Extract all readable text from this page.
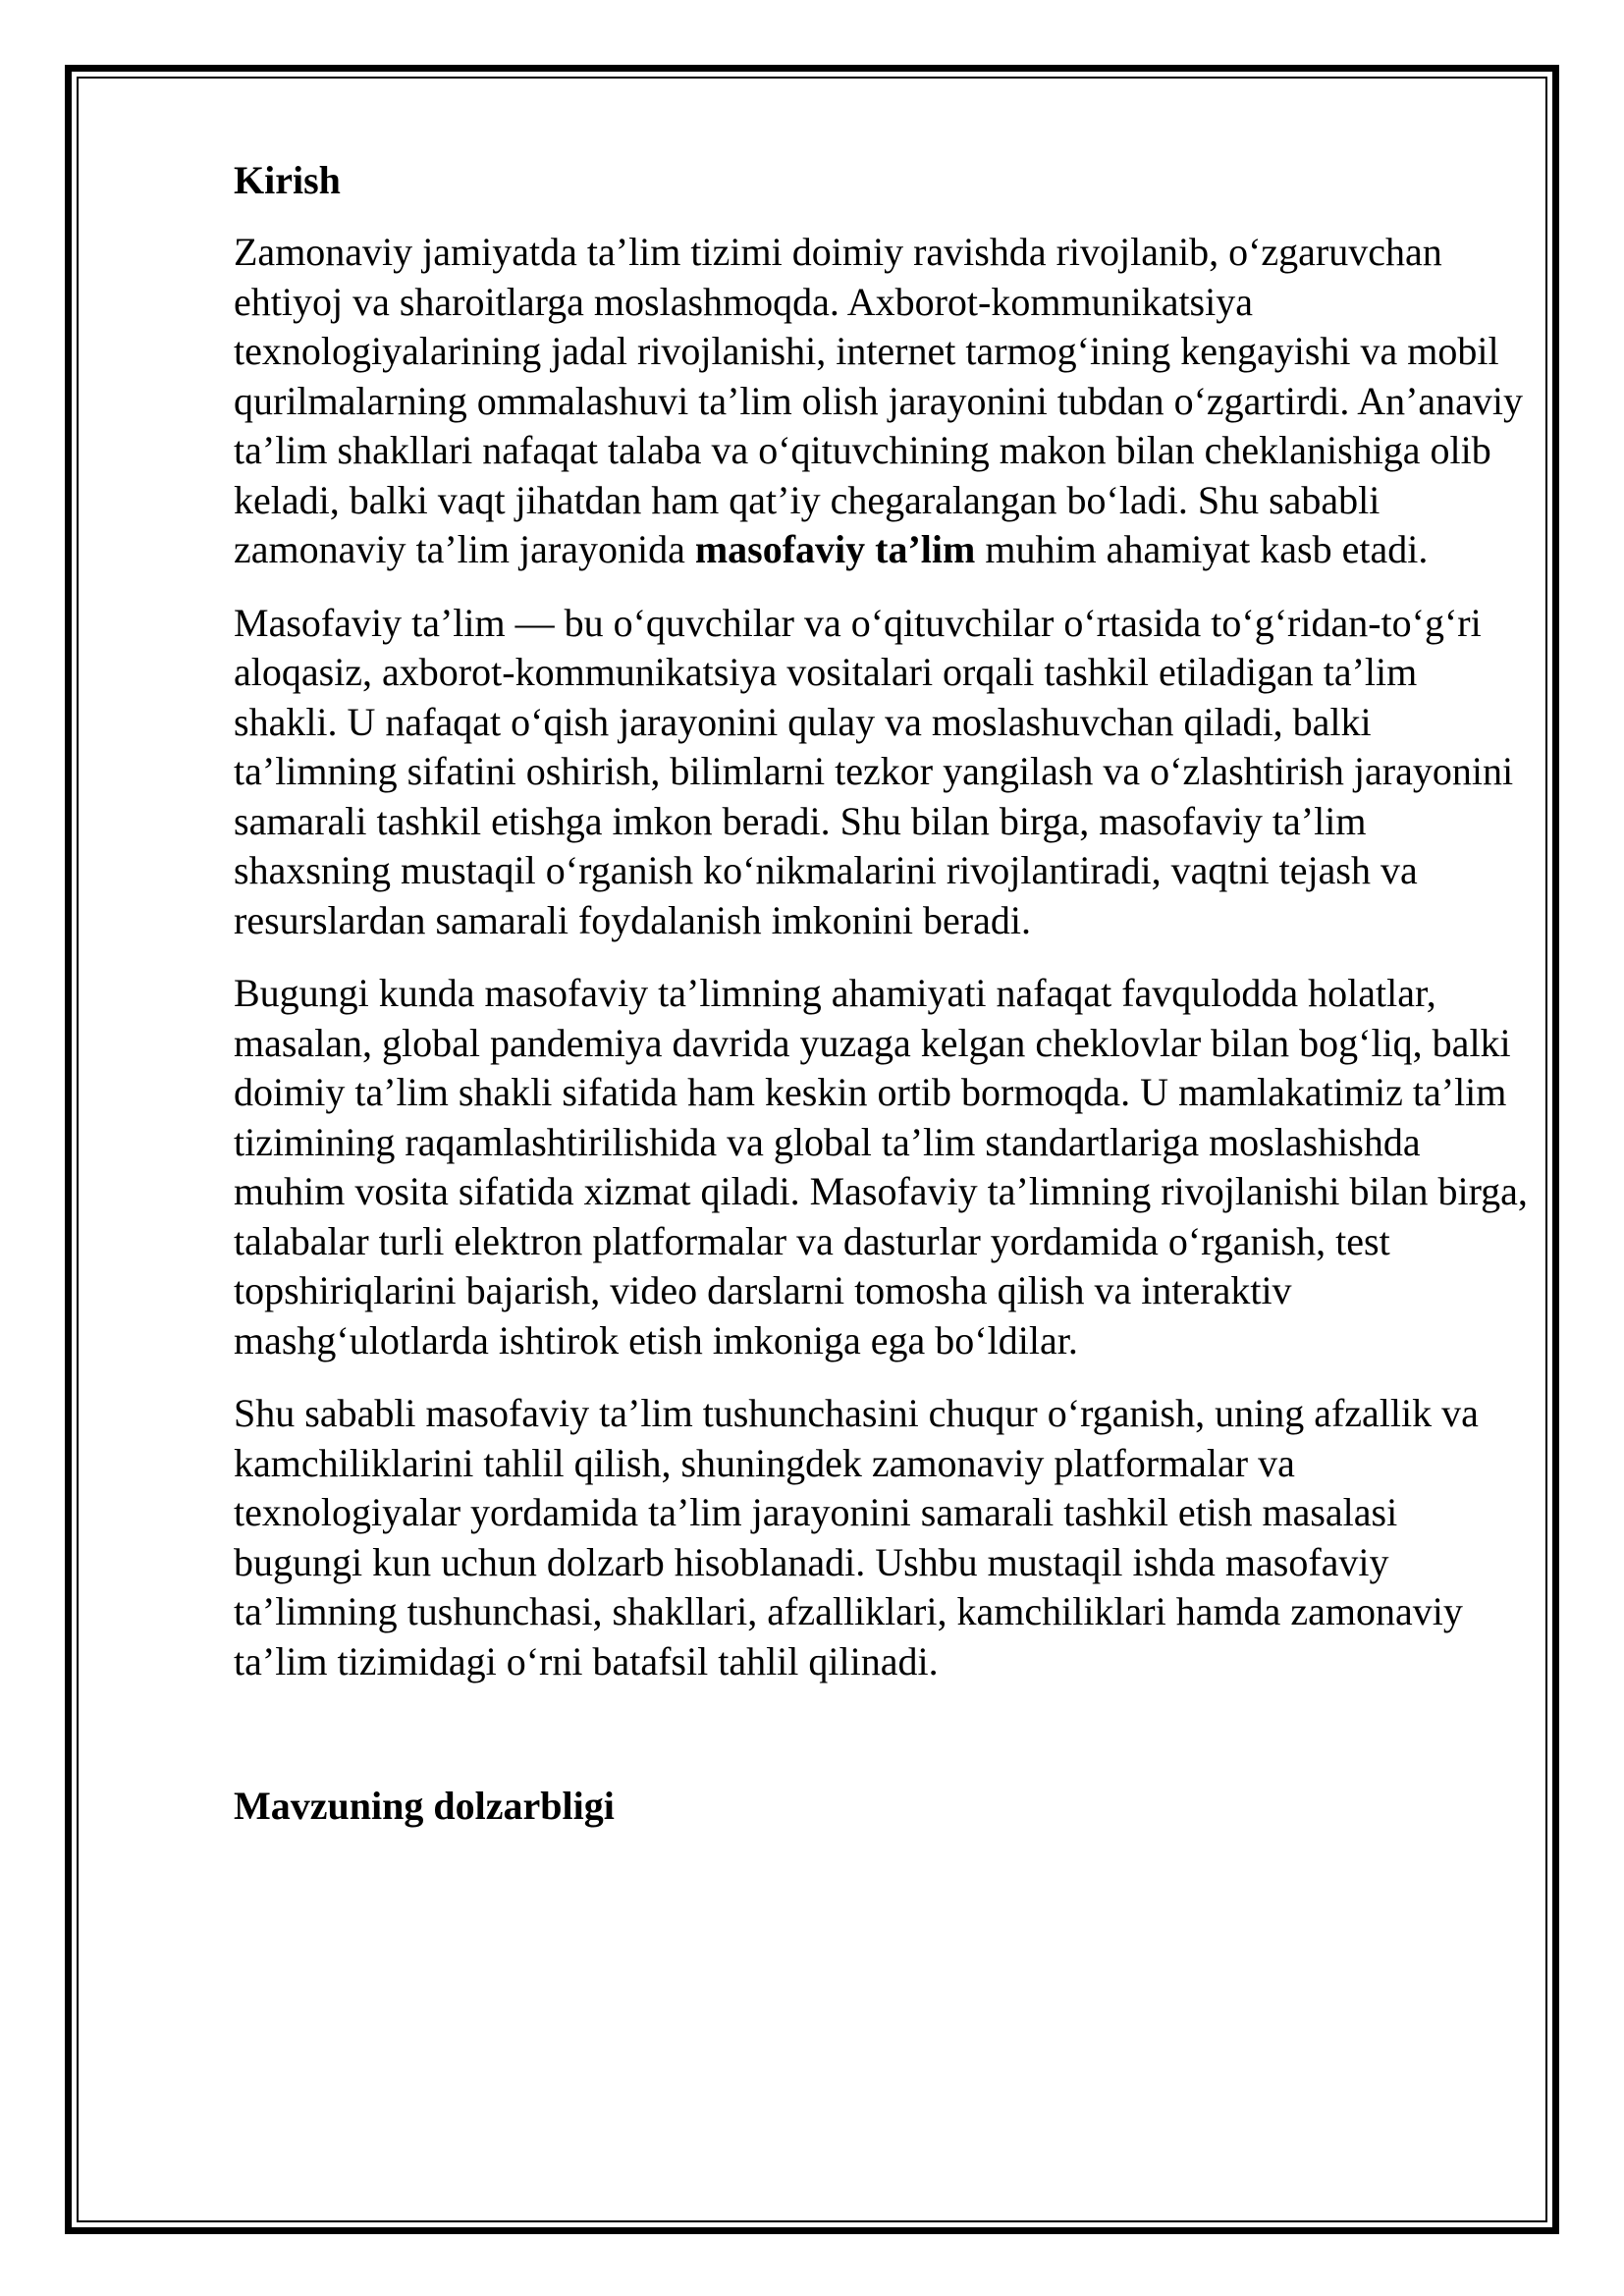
Kirish

Zamonaviy jamiyatda ta’lim tizimi doimiy ravishda rivojlanib, o‘zgaruvchan ehtiyoj va sharoitlarga moslashmoqda. Axborot-kommunikatsiya texnologiyalarining jadal rivojlanishi, internet tarmog‘ining kengayishi va mobil qurilmalarning ommalashuvi ta’lim olish jarayonini tubdan o‘zgartirdi. An’anaviy ta’lim shakllari nafaqat talaba va o‘qituvchining makon bilan cheklanishiga olib keladi, balki vaqt jihatdan ham qat’iy chegaralangan bo‘ladi. Shu sababli zamonaviy ta’lim jarayonida masofaviy ta’lim muhim ahamiyat kasb etadi.

Masofaviy ta’lim — bu o‘quvchilar va o‘qituvchilar o‘rtasida to‘g‘ridan-to‘g‘ri aloqasiz, axborot-kommunikatsiya vositalari orqali tashkil etiladigan ta’lim shakli. U nafaqat o‘qish jarayonini qulay va moslashuvchan qiladi, balki ta’limning sifatini oshirish, bilimlarni tezkor yangilash va o‘zlashtirish jarayonini samarali tashkil etishga imkon beradi. Shu bilan birga, masofaviy ta’lim shaxsning mustaqil o‘rganish ko‘nikmalarini rivojlantiradi, vaqtni tejash va resurslardan samarali foydalanish imkonini beradi.

Bugungi kunda masofaviy ta’limning ahamiyati nafaqat favqulodda holatlar, masalan, global pandemiya davrida yuzaga kelgan cheklovlar bilan bog‘liq, balki doimiy ta’lim shakli sifatida ham keskin ortib bormoqda. U mamlakatimiz ta’lim tizimining raqamlashtirilishida va global ta’lim standartlariga moslashishda muhim vosita sifatida xizmat qiladi. Masofaviy ta’limning rivojlanishi bilan birga, talabalar turli elektron platformalar va dasturlar yordamida o‘rganish, test topshiriqlarini bajarish, video darslarni tomosha qilish va interaktiv mashg‘ulotlarda ishtirok etish imkoniga ega bo‘ldilar.

Shu sababli masofaviy ta’lim tushunchasini chuqur o‘rganish, uning afzallik va kamchiliklarini tahlil qilish, shuningdek zamonaviy platformalar va texnologiyalar yordamida ta’lim jarayonini samarali tashkil etish masalasi bugungi kun uchun dolzarb hisoblanadi. Ushbu mustaqil ishda masofaviy ta’limning tushunchasi, shakllari, afzalliklari, kamchiliklari hamda zamonaviy ta’lim tizimidagi o‘rni batafsil tahlil qilinadi.

Mavzuning dolzarbligi
